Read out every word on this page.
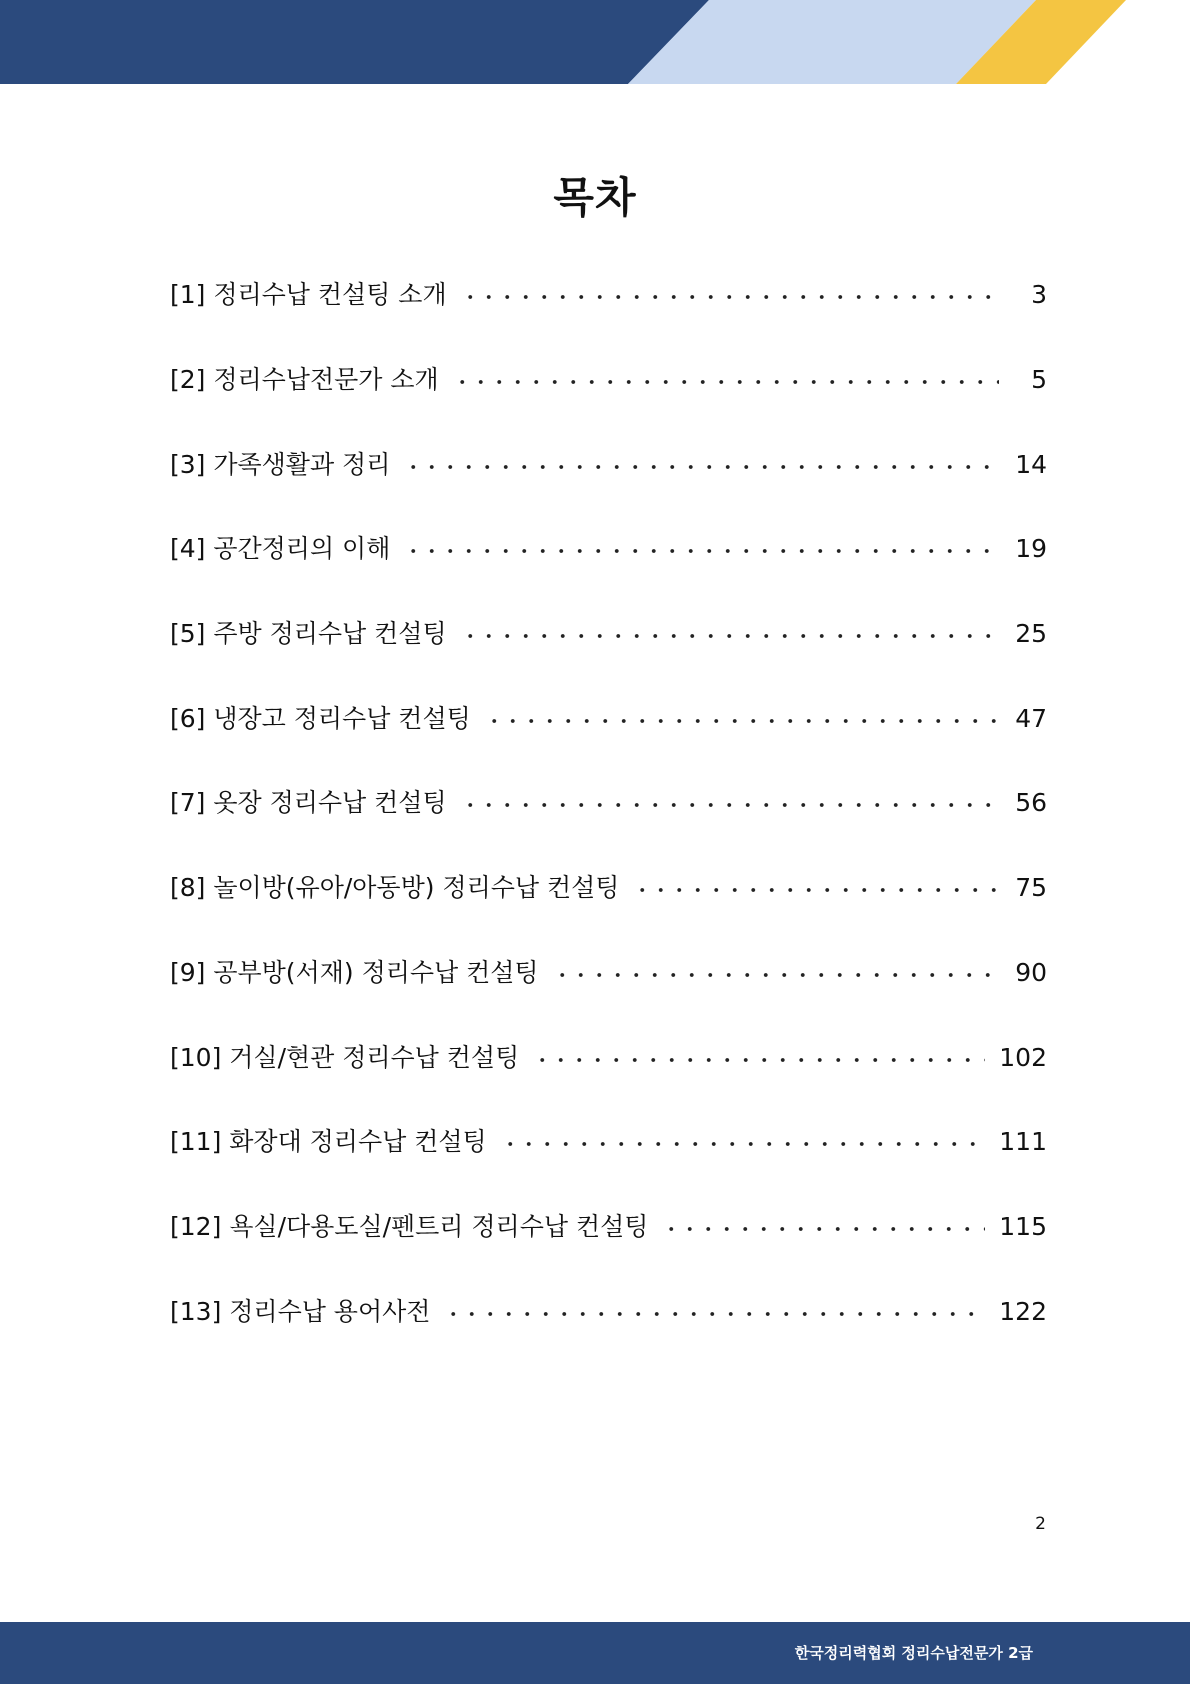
목차
[1] 정리수납 컨설팅 소개	3
[2] 정리수납전문가 소개	5
[3] 가족생활과 정리	14
[4] 공간정리의 이해	19
[5] 주방 정리수납 컨설팅	25
[6] 냉장고 정리수납 컨설팅	47
[7] 옷장 정리수납 컨설팅	56
[8] 놀이방(유아/아동방) 정리수납 컨설팅	75
[9] 공부방(서재) 정리수납 컨설팅	90
[10] 거실/현관 정리수납 컨설팅	102
[11] 화장대 정리수납 컨설팅	111
[12] 욕실/다용도실/펜트리 정리수납 컨설팅	115
[13] 정리수납 용어사전	122
2
한국정리력협회 정리수납전문가 2급
